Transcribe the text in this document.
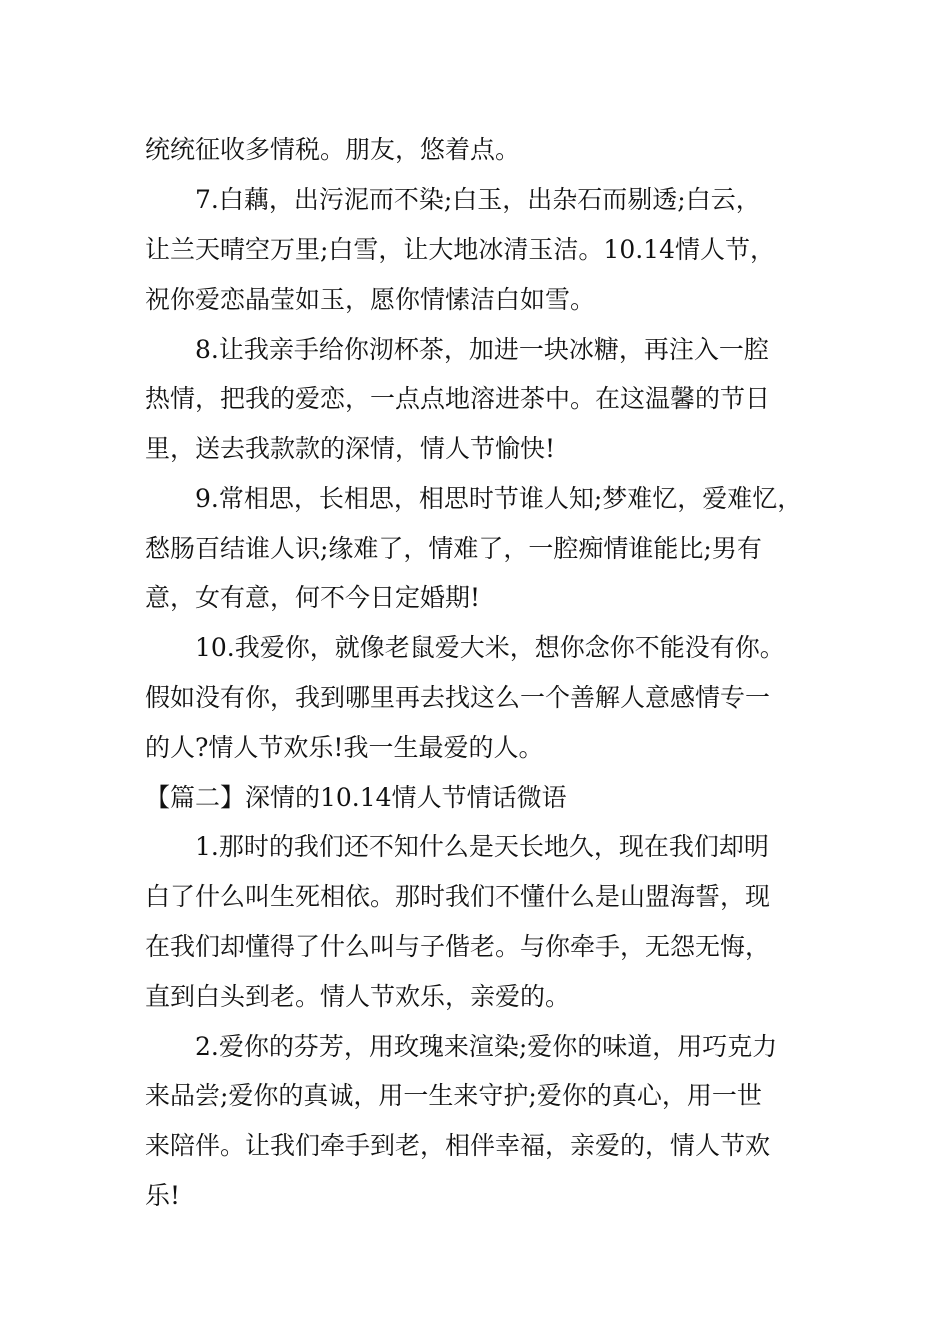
统统征收多情税。朋友，悠着点。
　　7.白藕，出污泥而不染;白玉，出杂石而剔透;白云，
让兰天晴空万里;白雪，让大地冰清玉洁。10.14情人节，
祝你爱恋晶莹如玉，愿你情愫洁白如雪。
　　8.让我亲手给你沏杯茶，加进一块冰糖，再注入一腔
热情，把我的爱恋，一点点地溶进茶中。在这温馨的节日
里，送去我款款的深情，情人节愉快!
　　9.常相思，长相思，相思时节谁人知;梦难忆，爱难忆，
愁肠百结谁人识;缘难了，情难了，一腔痴情谁能比;男有
意，女有意，何不今日定婚期!
　　10.我爱你，就像老鼠爱大米，想你念你不能没有你。
假如没有你，我到哪里再去找这么一个善解人意感情专一
的人?情人节欢乐!我一生最爱的人。
【篇二】深情的10.14情人节情话微语
　　1.那时的我们还不知什么是天长地久，现在我们却明
白了什么叫生死相依。那时我们不懂什么是山盟海誓，现
在我们却懂得了什么叫与子偕老。与你牵手，无怨无悔，
直到白头到老。情人节欢乐，亲爱的。
　　2.爱你的芬芳，用玫瑰来渲染;爱你的味道，用巧克力
来品尝;爱你的真诚，用一生来守护;爱你的真心，用一世
来陪伴。让我们牵手到老，相伴幸福，亲爱的，情人节欢
乐!
